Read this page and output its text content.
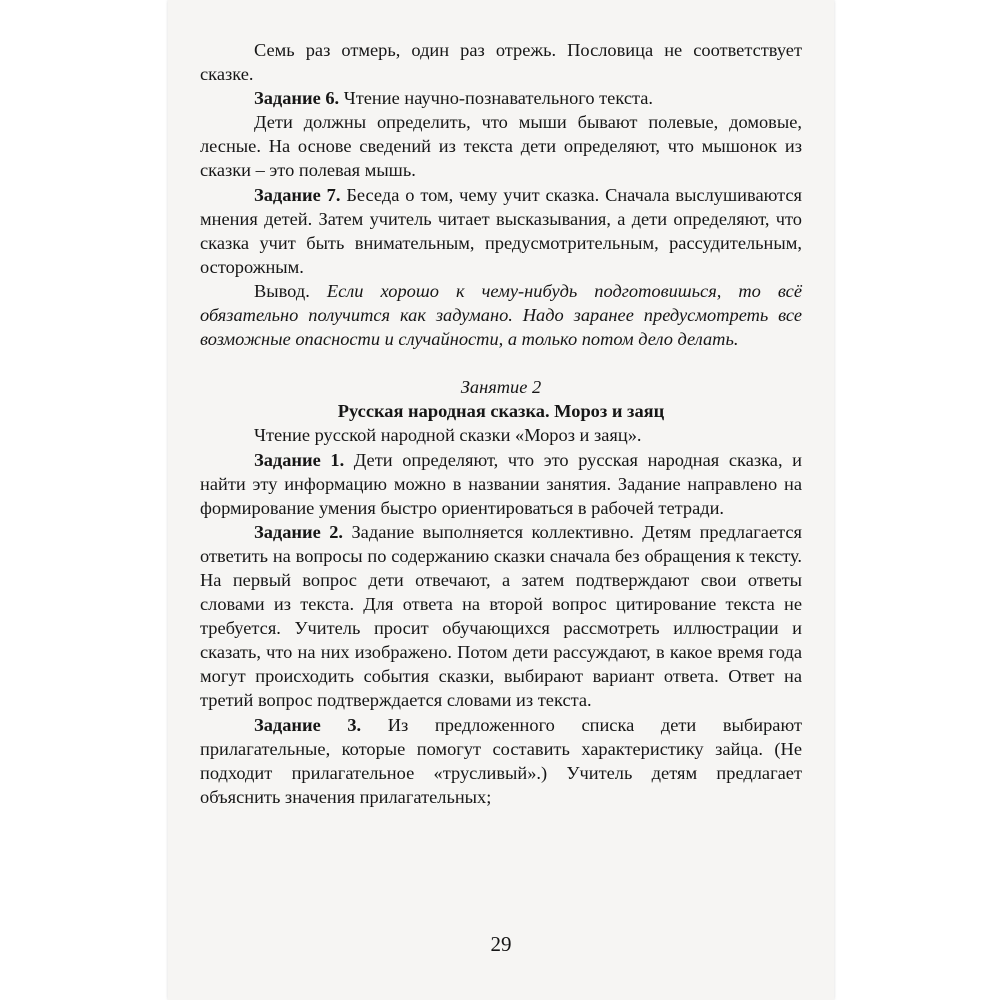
Семь раз отмерь, один раз отрежь. Пословица не соответствует сказке.

Задание 6. Чтение научно-познавательного текста.

Дети должны определить, что мыши бывают полевые, домовые, лесные. На основе сведений из текста дети определяют, что мышонок из сказки – это полевая мышь.

Задание 7. Беседа о том, чему учит сказка. Сначала выслушиваются мнения детей. Затем учитель читает высказывания, а дети определяют, что сказка учит быть внимательным, предусмотрительным, рассудительным, осторожным.

Вывод. Если хорошо к чему-нибудь подготовишься, то всё обязательно получится как задумано. Надо заранее предусмотреть все возможные опасности и случайности, а только потом дело делать.

Занятие 2

Русская народная сказка. Мороз и заяц

Чтение русской народной сказки «Мороз и заяц».

Задание 1. Дети определяют, что это русская народная сказка, и найти эту информацию можно в названии занятия. Задание направлено на формирование умения быстро ориентироваться в рабочей тетради.

Задание 2. Задание выполняется коллективно. Детям предлагается ответить на вопросы по содержанию сказки сначала без обращения к тексту. На первый вопрос дети отвечают, а затем подтверждают свои ответы словами из текста. Для ответа на второй вопрос цитирование текста не требуется. Учитель просит обучающихся рассмотреть иллюстрации и сказать, что на них изображено. Потом дети рассуждают, в какое время года могут происходить события сказки, выбирают вариант ответа. Ответ на третий вопрос подтверждается словами из текста.

Задание 3. Из предложенного списка дети выбирают прилагательные, которые помогут составить характеристику зайца. (Не подходит прилагательное «трусливый».) Учитель детям предлагает объяснить значения прилагательных;

29
